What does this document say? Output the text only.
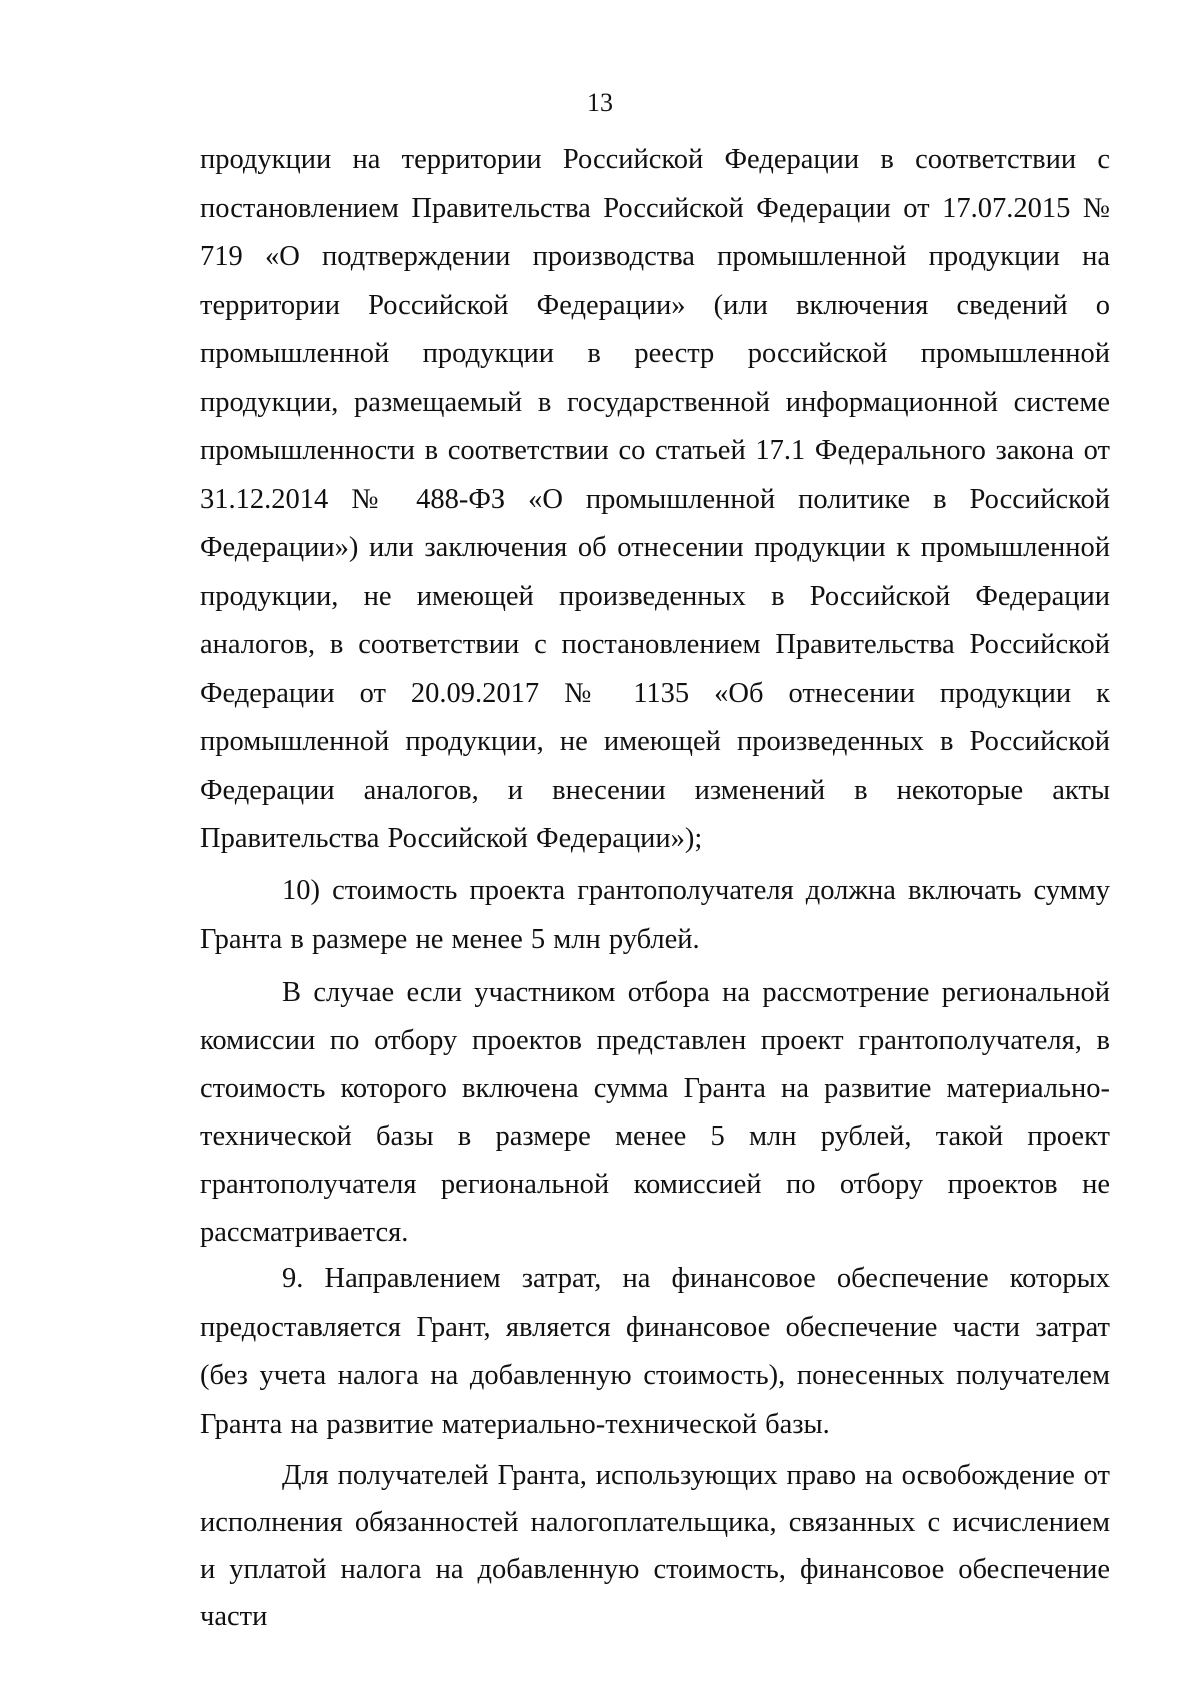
13

продукции на территории Российской Федерации в соответствии с постановлением Правительства Российской Федерации от 17.07.2015 № 719 «О подтверждении производства промышленной продукции на территории Российской Федерации» (или включения сведений о промышленной продукции в реестр российской промышленной продукции, размещаемый в государственной информационной системе промышленности в соответствии со статьей 17.1 Федерального закона от 31.12.2014 № 488-ФЗ «О промышленной политике в Российской Федерации») или заключения об отнесении продукции к промышленной продукции, не имеющей произведенных в Российской Федерации аналогов, в соответствии с постановлением Правительства Российской Федерации от 20.09.2017 № 1135 «Об отнесении продукции к промышленной продукции, не имеющей произведенных в Российской Федерации аналогов, и внесении изменений в некоторые акты Правительства Российской Федерации»);

10) стоимость проекта грантополучателя должна включать сумму Гранта в размере не менее 5 млн рублей.

В случае если участником отбора на рассмотрение региональной комиссии по отбору проектов представлен проект грантополучателя, в стоимость которого включена сумма Гранта на развитие материально-технической базы в размере менее 5 млн рублей, такой проект грантополучателя региональной комиссией по отбору проектов не рассматривается.

9. Направлением затрат, на финансовое обеспечение которых предоставляется Грант, является финансовое обеспечение части затрат (без учета налога на добавленную стоимость), понесенных получателем Гранта на развитие материально-технической базы.

Для получателей Гранта, использующих право на освобождение от исполнения обязанностей налогоплательщика, связанных с исчислением и уплатой налога на добавленную стоимость, финансовое обеспечение части
